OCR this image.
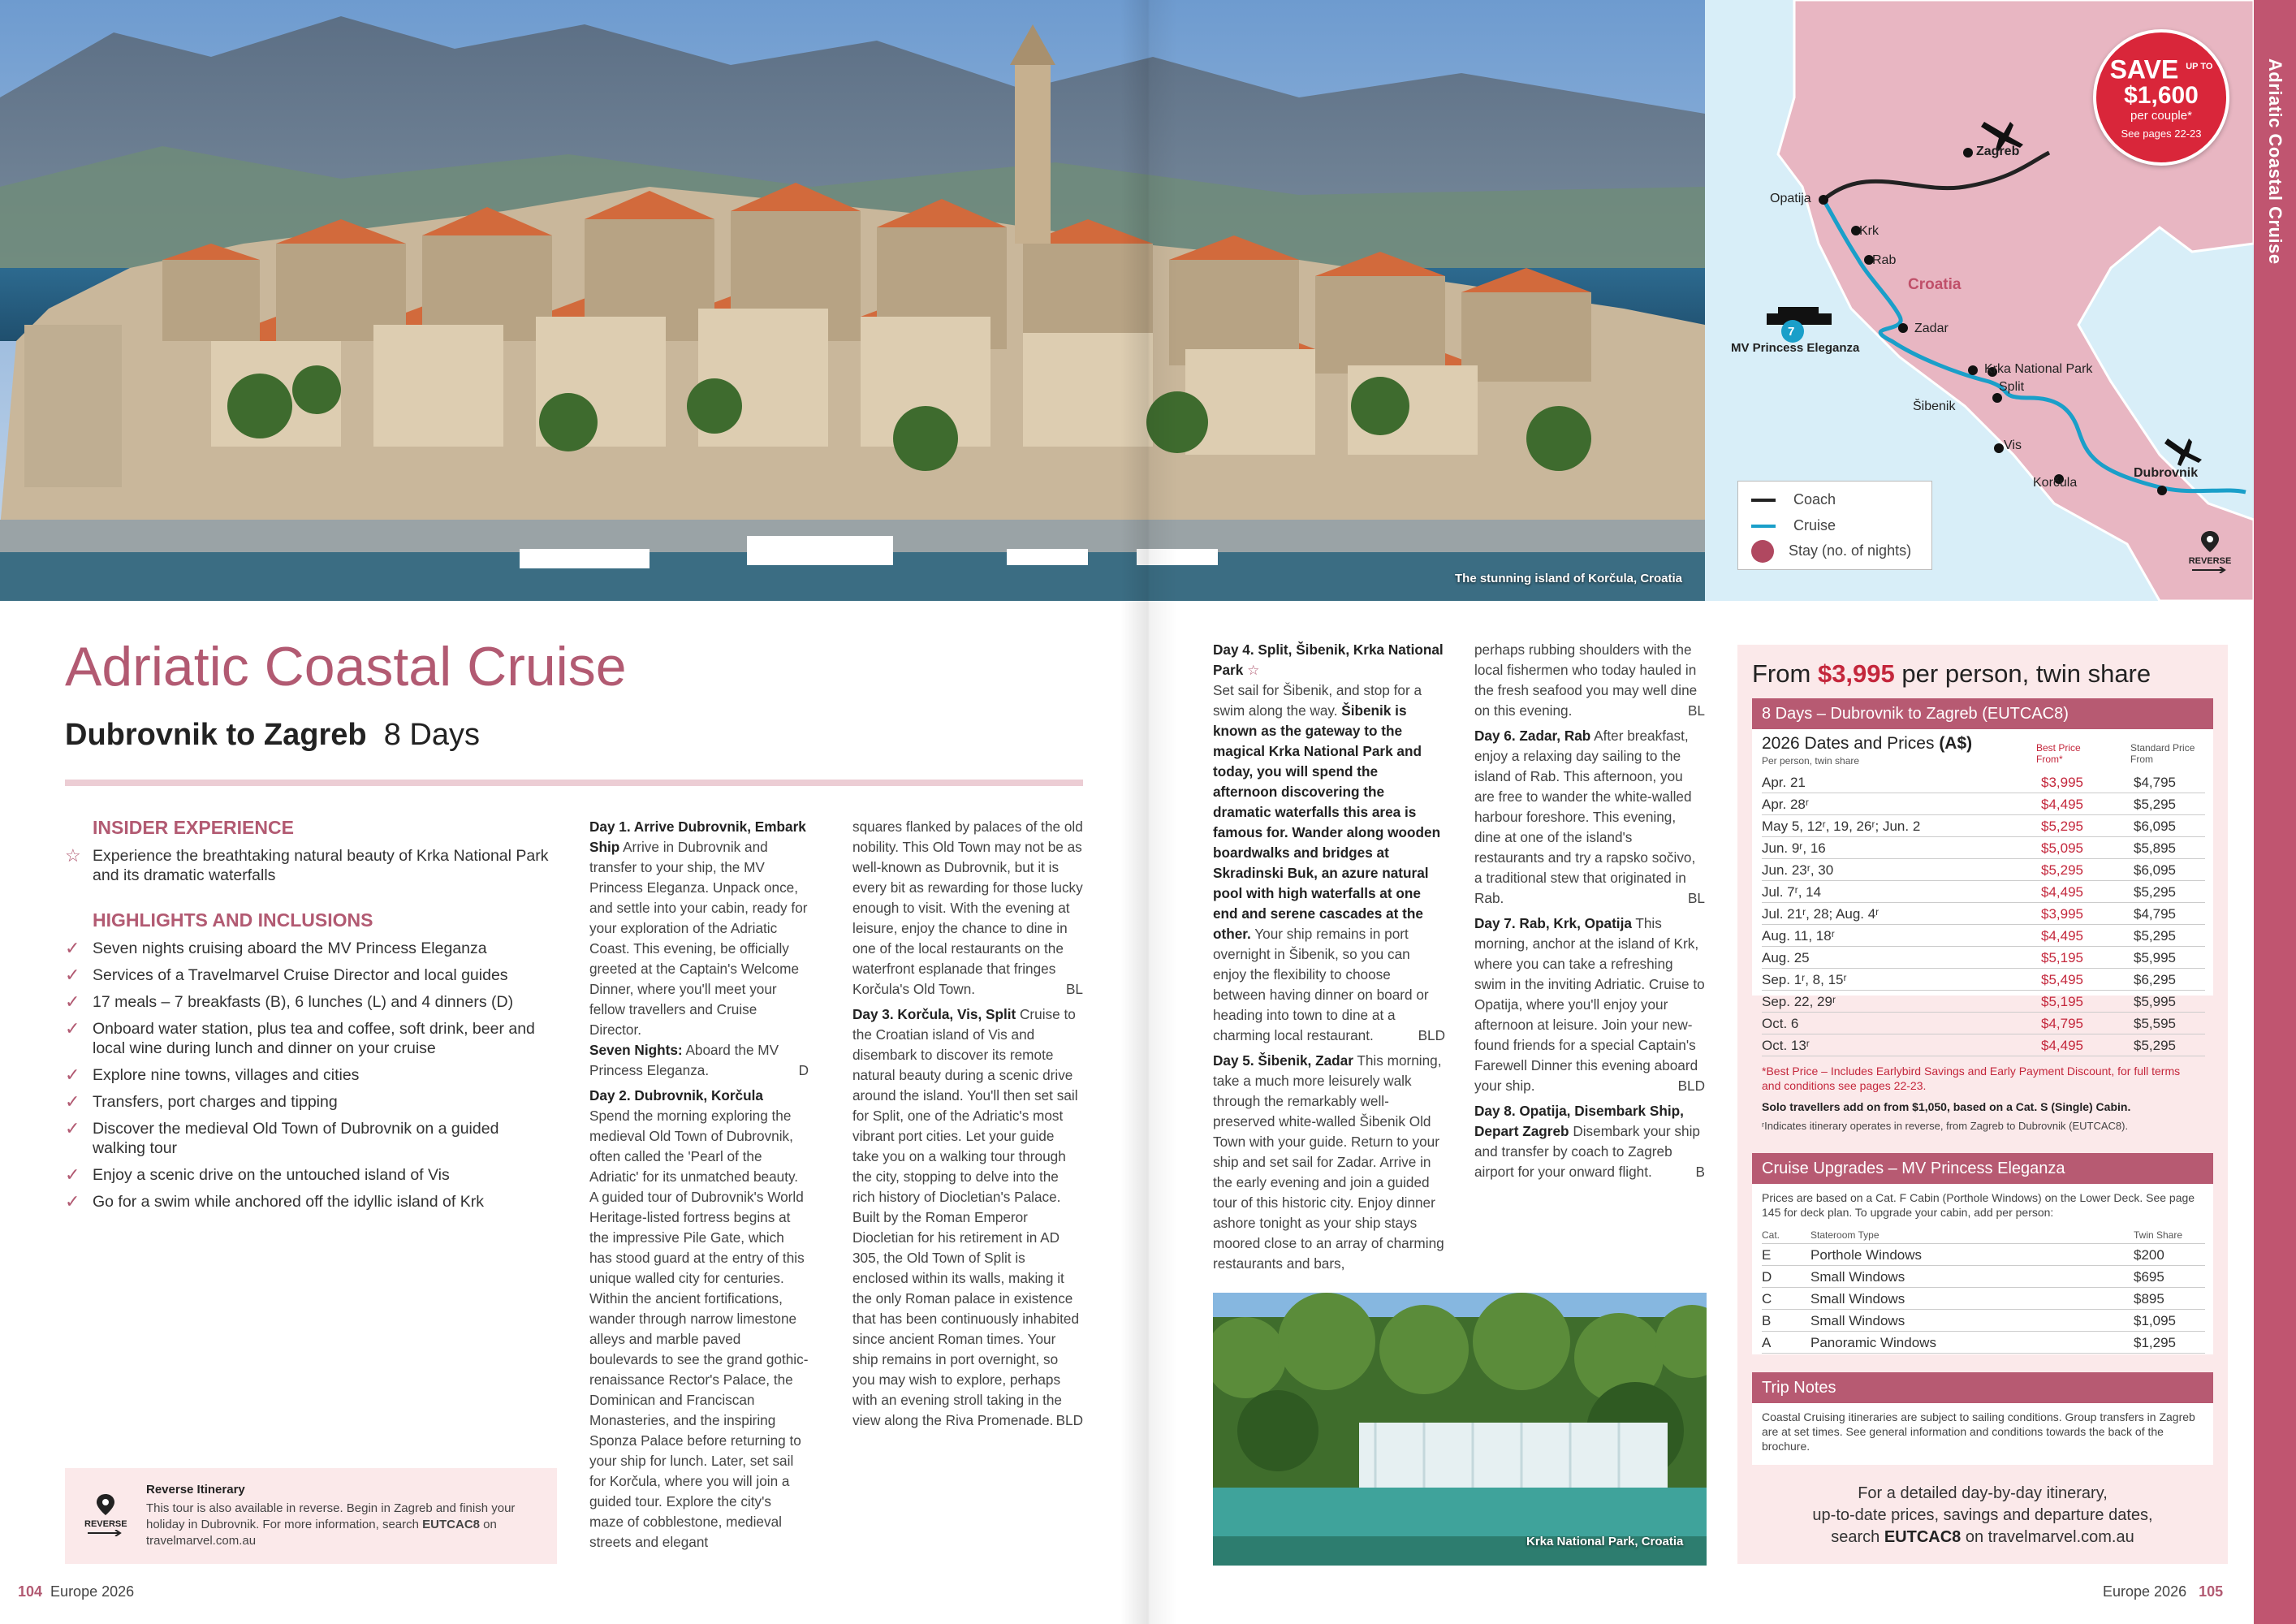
The stunning island of Korčula, Croatia
Croatia
7
MV Princess Eleganza
Zagreb
Opatija
Krk
Rab
Zadar
Krka National Park
Split
Šibenik
Vis
Korčula
Dubrovnik
Coach
Cruise
Stay (no. of nights)
REVERSE
SAVE $^{UP TO}$
$1,600
per couple*
See pages 22-23	Adriatic Coastal Cruise
Adriatic Coastal Cruise
Dubrovnik to Zagreb 8 Days
INSIDER EXPERIENCE
☆ Experience the breathtaking natural beauty of Krka National Park and its dramatic waterfalls
HIGHLIGHTS AND INCLUSIONS
✓ Seven nights cruising aboard the MV Princess Eleganza
✓ Services of a Travelmarvel Cruise Director and local guides
✓ 17 meals – 7 breakfasts (B), 6 lunches (L) and 4 dinners (D)
✓ Onboard water station, plus tea and coffee, soft drink, beer and local wine during lunch and dinner on your cruise
✓ Explore nine towns, villages and cities
✓ Transfers, port charges and tipping
✓ Discover the medieval Old Town of Dubrovnik on a guided walking tour
✓ Enjoy a scenic drive on the untouched island of Vis
✓ Go for a swim while anchored off the idyllic island of Krk

Day 1. Arrive Dubrovnik, Embark Ship Arrive in Dubrovnik and transfer to your ship, the MV Princess Eleganza. Unpack once, and settle into your cabin, ready for your exploration of the Adriatic Coast. This evening, be officially greeted at the Captain's Welcome Dinner, where you'll meet your fellow travellers and Cruise Director.
Seven Nights: Aboard the MV Princess Eleganza.	D

Day 2. Dubrovnik, Korčula
Spend the morning exploring the medieval Old Town of Dubrovnik, often called the 'Pearl of the Adriatic' for its unmatched beauty. A guided tour of Dubrovnik's World Heritage-listed fortress begins at the impressive Pile Gate, which has stood guard at the entry of this unique walled city for centuries. Within the ancient fortifications, wander through narrow limestone alleys and marble paved boulevards to see the grand gothic-renaissance Rector's Palace, the Dominican and Franciscan Monasteries, and the inspiring Sponza Palace before returning to your ship for lunch. Later, set sail for Korčula, where you will join a guided tour. Explore the city's maze of cobblestone, medieval streets and elegant

squares flanked by palaces of the old nobility. This Old Town may not be as well-known as Dubrovnik, but it is every bit as rewarding for those lucky enough to visit. With the evening at leisure, enjoy the chance to dine in one of the local restaurants on the waterfront esplanade that fringes Korčula's Old Town.	BL

Day 3. Korčula, Vis, Split Cruise to the Croatian island of Vis and disembark to discover its remote natural beauty during a scenic drive around the island. You'll then set sail for Split, one of the Adriatic's most vibrant port cities. Let your guide take you on a walking tour through the city, stopping to delve into the rich history of Diocletian's Palace. Built by the Roman Emperor Diocletian for his retirement in AD 305, the Old Town of Split is enclosed within its walls, making it the only Roman palace in existence that has been continuously inhabited since ancient Roman times. Your ship remains in port overnight, so you may wish to explore, perhaps with an evening stroll taking in the view along the Riva Promenade. BLD

REVERSE
Reverse Itinerary
This tour is also available in reverse. Begin in Zagreb and finish your holiday in Dubrovnik. For more information, search EUTCAC8 on travelmarvel.com.au
104 Europe 2026

Day 4. Split, Šibenik, Krka National Park ☆
Set sail for Šibenik, and stop for a swim along the way. Šibenik is known as the gateway to the magical Krka National Park and today, you will spend the afternoon discovering the dramatic waterfalls this area is famous for. Wander along wooden boardwalks and bridges at Skradinski Buk, an azure natural pool with high waterfalls at one end and serene cascades at the other. Your ship remains in port overnight in Šibenik, so you can enjoy the flexibility to choose between having dinner on board or heading into town to dine at a charming local restaurant.	BLD

Day 5. Šibenik, Zadar This morning, take a much more leisurely walk through the remarkably well-preserved white-walled Šibenik Old Town with your guide. Return to your ship and set sail for Zadar. Arrive in the early evening and join a guided tour of this historic city. Enjoy dinner ashore tonight as your ship stays moored close to an array of charming restaurants and bars,

perhaps rubbing shoulders with the local fishermen who today hauled in the fresh seafood you may well dine on this evening.	BL

Day 6. Zadar, Rab After breakfast, enjoy a relaxing day sailing to the island of Rab. This afternoon, you are free to wander the white-walled harbour foreshore. This evening, dine at one of the island's restaurants and try a rapsko sočivo, a traditional stew that originated in Rab.	BL

Day 7. Rab, Krk, Opatija This morning, anchor at the island of Krk, where you can take a refreshing swim in the inviting Adriatic. Cruise to Opatija, where you'll enjoy your afternoon at leisure. Join your new-found friends for a special Captain's Farewell Dinner this evening aboard your ship.	BLD

Day 8. Opatija, Disembark Ship, Depart Zagreb Disembark your ship and transfer by coach to Zagreb airport for your onward flight.	B

Krka National Park, Croatia
From $3,995 per person, twin share
8 Days – Dubrovnik to Zagreb (EUTCAC8)
2026 Dates and Prices (A$)
Per person, twin share
Best Price From*
Standard Price From
Apr. 21	$3,995	$4,795
Apr. 28ʳ	$4,495	$5,295
May 5, 12ʳ, 19, 26ʳ; Jun. 2	$5,295	$6,095
Jun. 9ʳ, 16	$5,095	$5,895
Jun. 23ʳ, 30	$5,295	$6,095
Jul. 7ʳ, 14	$4,495	$5,295
Jul. 21ʳ, 28; Aug. 4ʳ	$3,995	$4,795
Aug. 11, 18ʳ	$4,495	$5,295
Aug. 25	$5,195	$5,995
Sep. 1ʳ, 8, 15ʳ	$5,495	$6,295
Sep. 22, 29ʳ	$5,195	$5,995
Oct. 6	$4,795	$5,595
Oct. 13ʳ	$4,495	$5,295
*Best Price – Includes Earlybird Savings and Early Payment Discount, for full terms and conditions see pages 22-23.
Solo travellers add on from $1,050, based on a Cat. S (Single) Cabin.
ʳIndicates itinerary operates in reverse, from Zagreb to Dubrovnik (EUTCAC8).
Cruise Upgrades – MV Princess Eleganza
Prices are based on a Cat. F Cabin (Porthole Windows) on the Lower Deck. See page 145 for deck plan. To upgrade your cabin, add per person:
Cat.	Stateroom Type	Twin Share
E	Porthole Windows	$200
D	Small Windows	$695
C	Small Windows	$895
B	Small Windows	$1,095
A	Panoramic Windows	$1,295
Trip Notes
Coastal Cruising itineraries are subject to sailing conditions. Group transfers in Zagreb are at set times. See general information and conditions towards the back of the brochure.
For a detailed day-by-day itinerary,
up-to-date prices, savings and departure dates,
search EUTCAC8 on travelmarvel.com.au
Europe 2026 105
